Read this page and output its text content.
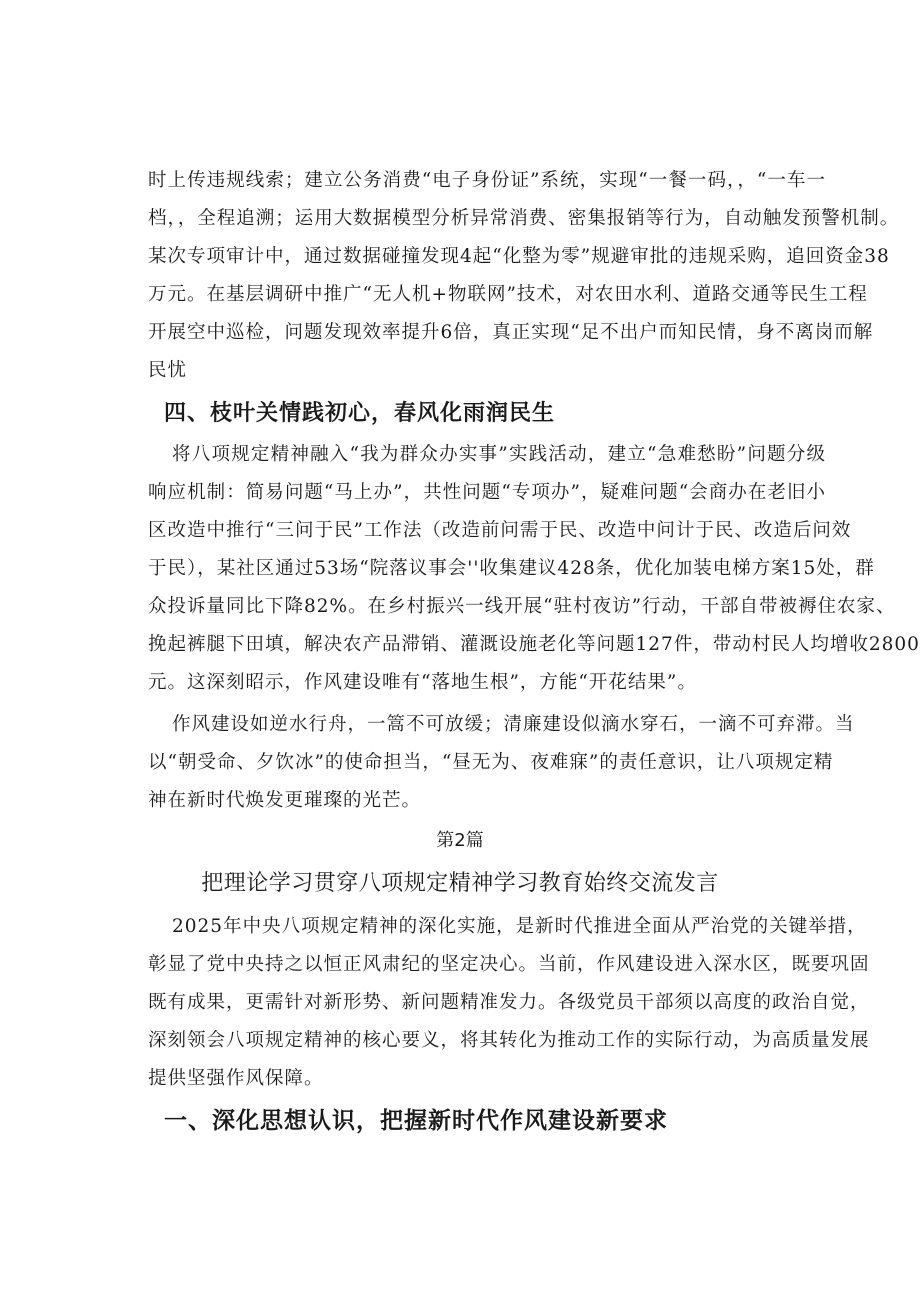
时上传违规线索；建立公务消费“电子身份证”系统，实现“一餐一码，，“一车一
档，，全程追溯；运用大数据模型分析异常消费、密集报销等行为，自动触发预警机制。
某次专项审计中，通过数据碰撞发现4起“化整为零”规避审批的违规采购，追回资金38
万元。在基层调研中推广“无人机+物联网”技术，对农田水利、道路交通等民生工程
开展空中巡检，问题发现效率提升6倍，真正实现“足不出户而知民情，身不离岗而解
民忧
四、枝叶关情践初心，春风化雨润民生
将八项规定精神融入“我为群众办实事”实践活动，建立“急难愁盼”问题分级
响应机制：简易问题“马上办”，共性问题“专项办”，疑难问题“会商办在老旧小
区改造中推行“三问于民”工作法（改造前问需于民、改造中问计于民、改造后问效
于民），某社区通过53场“院落议事会''收集建议428条，优化加装电梯方案15处，群
众投诉量同比下降82%。在乡村振兴一线开展“驻村夜访”行动，干部自带被褥住农家、
挽起裤腿下田填，解决农产品滞销、灌溉设施老化等问题127件，带动村民人均增收2800
元。这深刻昭示，作风建设唯有“落地生根”，方能“开花结果”。
作风建设如逆水行舟，一篙不可放缓；清廉建设似滴水穿石，一滴不可弃滞。当
以“朝受命、夕饮冰”的使命担当，“昼无为、夜难寐”的责任意识，让八项规定精
神在新时代焕发更璀璨的光芒。
第2篇
把理论学习贯穿八项规定精神学习教育始终交流发言
2025年中央八项规定精神的深化实施，是新时代推进全面从严治党的关键举措，
彰显了党中央持之以恒正风肃纪的坚定决心。当前，作风建设进入深水区，既要巩固
既有成果，更需针对新形势、新问题精准发力。各级党员干部须以高度的政治自觉，
深刻领会八项规定精神的核心要义，将其转化为推动工作的实际行动，为高质量发展
提供坚强作风保障。
一、深化思想认识，把握新时代作风建设新要求
